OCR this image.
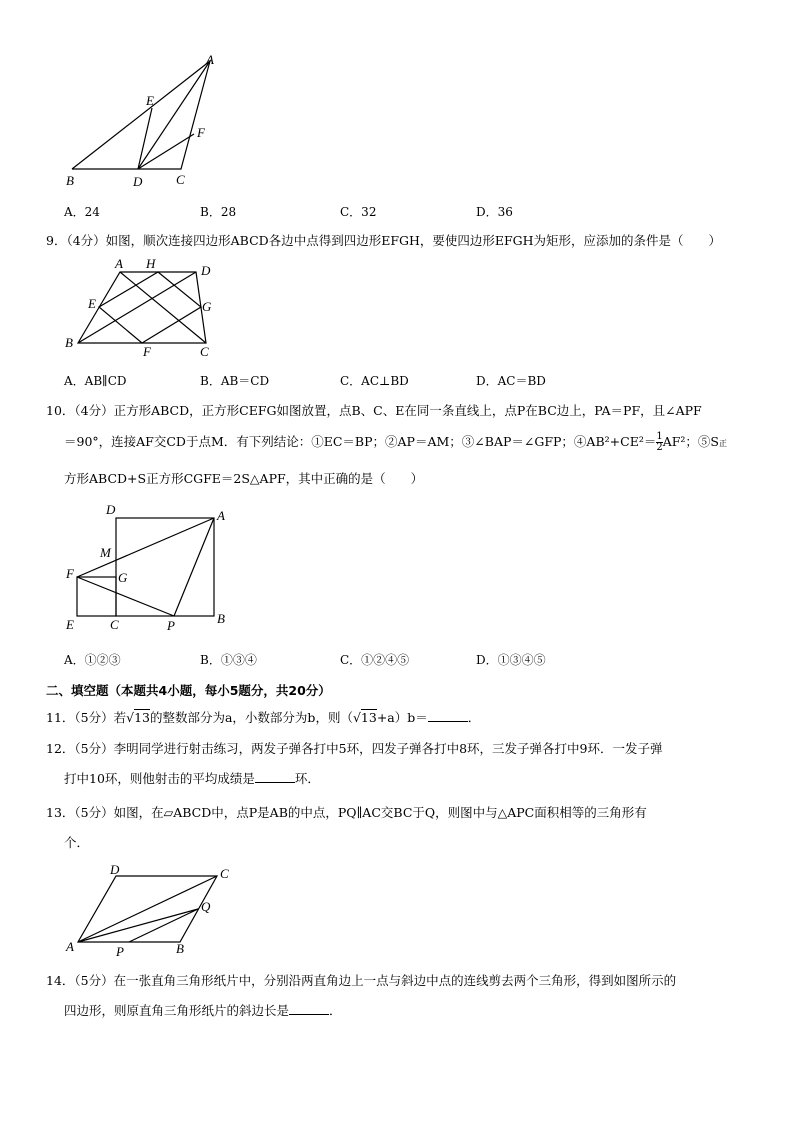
A
E
F
B	D	C
A．24	B．28	C．32	D．36
9．（4分）如图，顺次连接四边形ABCD各边中点得到四边形EFGH，要使四边形EFGH为矩形，应添加的条件是（　　）
A H	D
E	G
B
F	C
A．AB∥CD	B．AB＝CD	C．AC⊥BD	D．AC＝BD
10．（4分）正方形ABCD，正方形CEFG如图放置，点B、C、E在同一条直线上，点P在BC边上，PA＝PF，且∠APF
＝90°，连接AF交CD于点M．有下列结论：①EC＝BP；②AP＝AM；③∠BAP＝∠GFP；④AB²+CE²＝ $\frac{1}{2} AF^2$；⑤S正
方形ABCD+S正方形CGFE＝2S△APF，其中正确的是（　　）
D	A
M
F	G
E	C	P	B
A．①②③	B．①③④	C．①②④⑤	D．①③④⑤
二、填空题（本题共4小题，每小5题分，共20分）
11．（5分）若√13的整数部分为a，小数部分为b，则（√13+a）b＝	．
12．（5分）李明同学进行射击练习，两发子弹各打中5环，四发子弹各打中8环，三发子弹各打中9环．一发子弹
打中10环，则他射击的平均成绩是	环．
13．（5分）如图，在▱ABCD中，点P是AB的中点，PQ∥AC交BC于Q，则图中与△APC面积相等的三角形有
个．
D	C
Q
A	P	B
14．（5分）在一张直角三角形纸片中，分别沿两直角边上一点与斜边中点的连线剪去两个三角形，得到如图所示的
四边形，则原直角三角形纸片的斜边长是	．
